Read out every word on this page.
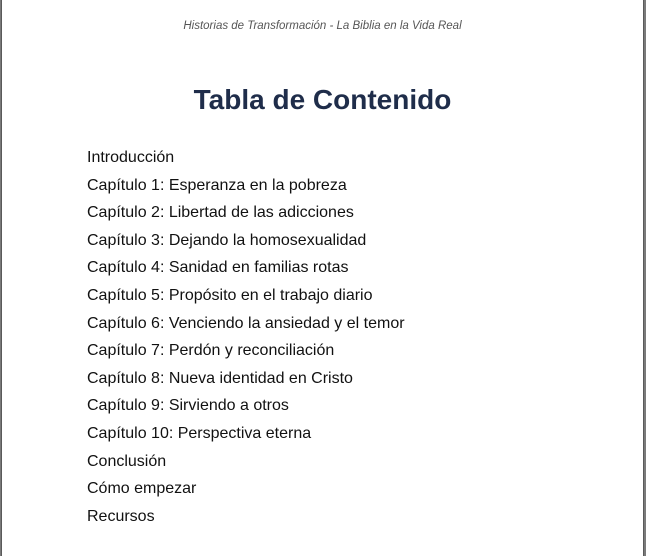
Historias de Transformación - La Biblia en la Vida Real
Tabla de Contenido
Introducción
Capítulo 1: Esperanza en la pobreza
Capítulo 2: Libertad de las adicciones
Capítulo 3: Dejando la homosexualidad
Capítulo 4: Sanidad en familias rotas
Capítulo 5: Propósito en el trabajo diario
Capítulo 6: Venciendo la ansiedad y el temor
Capítulo 7: Perdón y reconciliación
Capítulo 8: Nueva identidad en Cristo
Capítulo 9: Sirviendo a otros
Capítulo 10: Perspectiva eterna
Conclusión
Cómo empezar
Recursos
